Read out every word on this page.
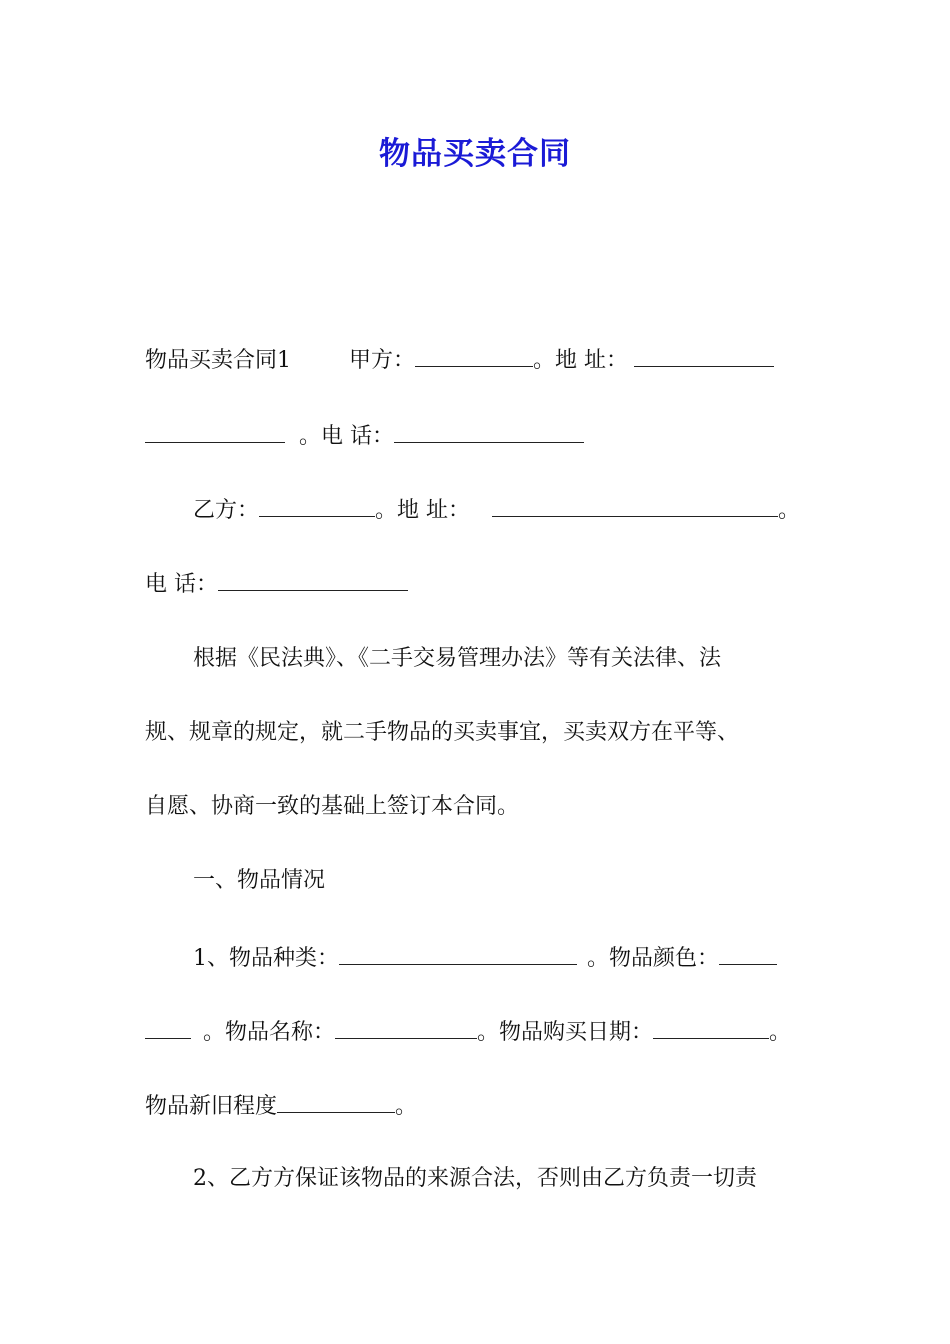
物品买卖合同
物品买卖合同1	甲方：	。地 址：
。电 话：
乙方：	。地 址：	。
电 话：
根据《民法典》、《二手交易管理办法》等有关法律、法
规、规章的规定，就二手物品的买卖事宜，买卖双方在平等、
自愿、协商一致的基础上签订本合同。
一、物品情况
1、物品种类：	。物品颜色：
。物品名称：	。物品购买日期：	。
物品新旧程度	。
2、乙方方保证该物品的来源合法，否则由乙方负责一切责
